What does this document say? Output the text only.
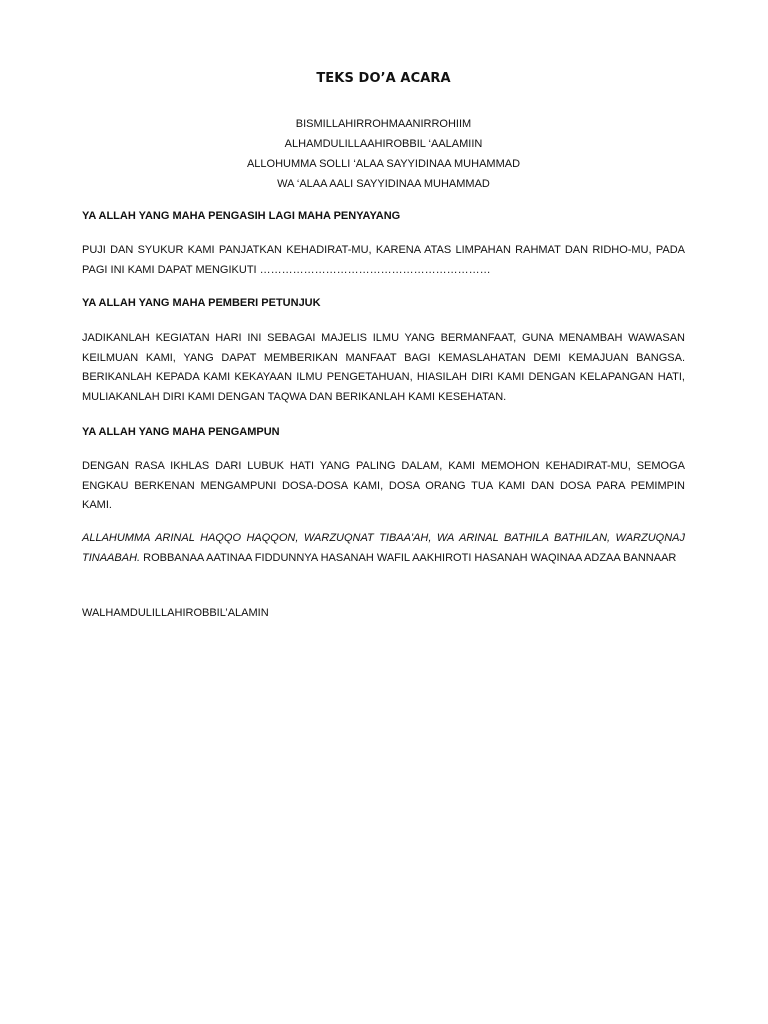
TEKS DO’A ACARA
BISMILLAHIRROHMAANIRROHIIM
ALHAMDULILLAAHIROBBIL ‘AALAMIIN
ALLOHUMMA SOLLI ‘ALAA SAYYIDINAA MUHAMMAD
WA ‘ALAA AALI SAYYIDINAA MUHAMMAD
YA ALLAH YANG MAHA PENGASIH LAGI MAHA PENYAYANG

PUJI DAN SYUKUR KAMI PANJATKAN KEHADIRAT-MU, KARENA ATAS LIMPAHAN RAHMAT DAN RIDHO-MU, PADA PAGI INI KAMI DAPAT MENGIKUTI ………………………………………………………

YA ALLAH YANG MAHA PEMBERI PETUNJUK

JADIKANLAH KEGIATAN HARI INI SEBAGAI MAJELIS ILMU YANG BERMANFAAT, GUNA MENAMBAH WAWASAN KEILMUAN KAMI, YANG DAPAT MEMBERIKAN MANFAAT BAGI KEMASLAHATAN DEMI KEMAJUAN BANGSA. BERIKANLAH KEPADA KAMI KEKAYAAN ILMU PENGETAHUAN, HIASILAH DIRI KAMI DENGAN KELAPANGAN HATI, MULIAKANLAH DIRI KAMI DENGAN TAQWA DAN BERIKANLAH KAMI KESEHATAN.

YA ALLAH YANG MAHA PENGAMPUN

DENGAN RASA IKHLAS DARI LUBUK HATI YANG PALING DALAM, KAMI MEMOHON KEHADIRAT-MU, SEMOGA ENGKAU BERKENAN MENGAMPUNI DOSA-DOSA KAMI, DOSA ORANG TUA KAMI DAN DOSA PARA PEMIMPIN KAMI.

ALLAHUMMA ARINAL HAQQO HAQQON, WARZUQNAT TIBAA'AH, WA ARINAL BATHILA BATHILAN, WARZUQNAJ TINAABAH. ROBBANAA AATINAA FIDDUNNYA HASANAH WAFIL AAKHIROTI HASANAH WAQINAA ADZAA BANNAAR

WALHAMDULILLAHIROBBIL’ALAMIN
